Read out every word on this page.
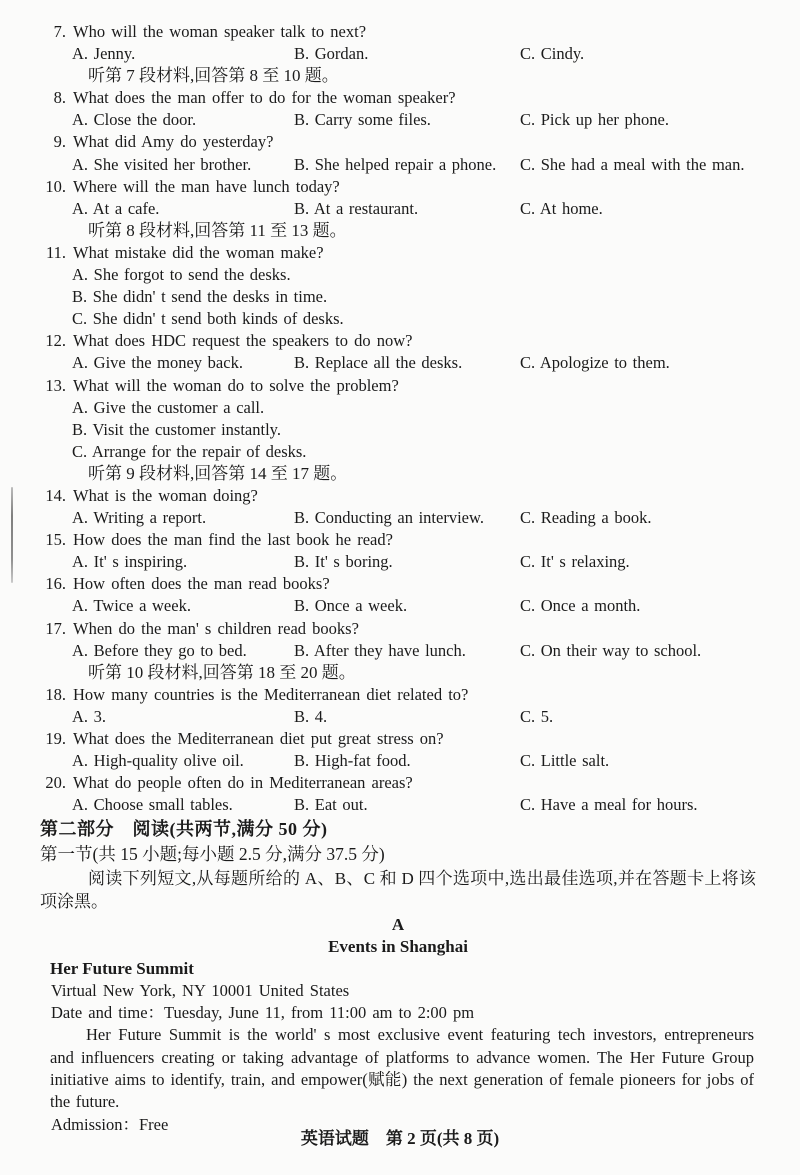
7. Who will the woman speaker talk to next?
A. Jenny.	B. Gordan.	C. Cindy.
听第 7 段材料,回答第 8 至 10 题。
8. What does the man offer to do for the woman speaker?
A. Close the door.	B. Carry some files.	C. Pick up her phone.
9. What did Amy do yesterday?
A. She visited her brother.	B. She helped repair a phone.	C. She had a meal with the man.
10. Where will the man have lunch today?
A. At a cafe.	B. At a restaurant.	C. At home.
听第 8 段材料,回答第 11 至 13 题。
11. What mistake did the woman make?
A. She forgot to send the desks.
B. She didn' t send the desks in time.
C. She didn' t send both kinds of desks.
12. What does HDC request the speakers to do now?
A. Give the money back.	B. Replace all the desks.	C. Apologize to them.
13. What will the woman do to solve the problem?
A. Give the customer a call.
B. Visit the customer instantly.
C. Arrange for the repair of desks.
听第 9 段材料,回答第 14 至 17 题。
14. What is the woman doing?
A. Writing a report.	B. Conducting an interview.	C. Reading a book.
15. How does the man find the last book he read?
A. It' s inspiring.	B. It' s boring.	C. It' s relaxing.
16. How often does the man read books?
A. Twice a week.	B. Once a week.	C. Once a month.
17. When do the man' s children read books?
A. Before they go to bed.	B. After they have lunch.	C. On their way to school.
听第 10 段材料,回答第 18 至 20 题。
18. How many countries is the Mediterranean diet related to?
A. 3.	B. 4.	C. 5.
19. What does the Mediterranean diet put great stress on?
A. High-quality olive oil.	B. High-fat food.	C. Little salt.
20. What do people often do in Mediterranean areas?
A. Choose small tables.	B. Eat out.	C. Have a meal for hours.
第二部分　阅读(共两节,满分 50 分)
第一节(共 15 小题;每小题 2.5 分,满分 37.5 分)

阅读下列短文,从每题所给的 A、B、C 和 D 四个选项中,选出最佳选项,并在答题卡上将该项涂黑。

A
Events in Shanghai
Her Future Summit
Virtual New York, NY 10001 United States
Date and time：Tuesday, June 11, from 11:00 am to 2:00 pm

Her Future Summit is the world' s most exclusive event featuring tech investors, entrepreneurs and influencers creating or taking advantage of platforms to advance women. The Her Future Group initiative aims to identify, train, and empower(赋能) the next generation of female pioneers for jobs of the future.

Admission：Free
英语试题　第 2 页(共 8 页)
